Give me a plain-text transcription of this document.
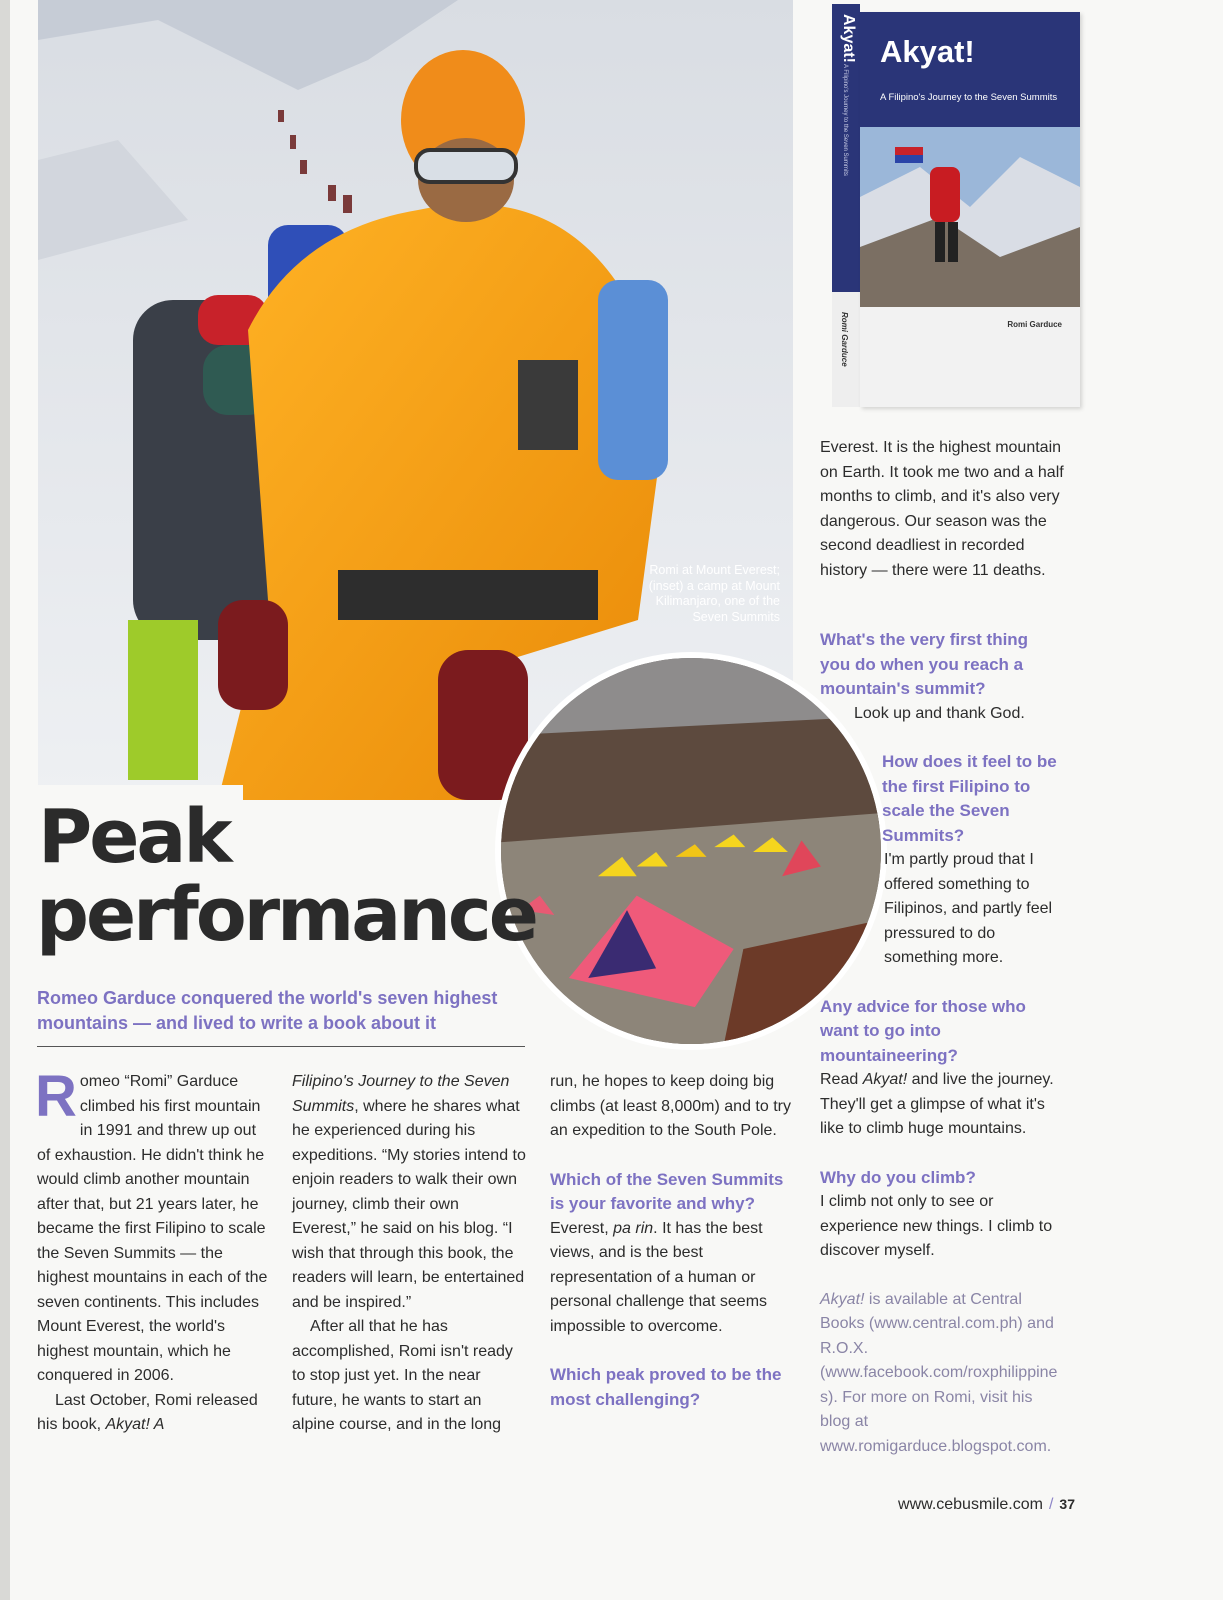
Romi at Mount Everest; (inset) a camp at Mount Kilimanjaro, one of the Seven Summits
Akyat!
A Filipino's Journey to the Seven Summits
Romi Garduce
Akyat!
A Filipino's Journey to the Seven Summits
Romi Garduce
Peak
performance
Romeo Garduce conquered the world's seven highest mountains — and lived to write a book about it

Romeo “Romi” Garduce climbed his first mountain in 1991 and threw up out of exhaustion. He didn't think he would climb another mountain after that, but 21 years later, he became the first Filipino to scale the Seven Summits — the highest mountains in each of the seven continents. This includes Mount Everest, the world's highest mountain, which he conquered in 2006.

Last October, Romi released his book, Akyat! A

Filipino's Journey to the Seven Summits, where he shares what he experienced during his expeditions. “My stories intend to enjoin readers to walk their own journey, climb their own Everest,” he said on his blog. “I wish that through this book, the readers will learn, be entertained and be inspired.”

After all that he has accomplished, Romi isn't ready to stop just yet. In the near future, he wants to start an alpine course, and in the long

run, he hopes to keep doing big climbs (at least 8,000m) and to try an expedition to the South Pole.

Which of the Seven Summits is your favorite and why?

Everest, pa rin. It has the best views, and is the best representation of a human or personal challenge that seems impossible to overcome.

Which peak proved to be the most challenging?

Everest. It is the highest mountain on Earth. It took me two and a half months to climb, and it's also very dangerous. Our season was the second deadliest in recorded history — there were 11 deaths.

What's the very first thing you do when you reach a mountain's summit?

Look up and thank God.

How does it feel to be the first Filipino to scale the Seven Summits?

I'm partly proud that I offered something to Filipinos, and partly feel pressured to do something more.

Any advice for those who want to go into mountaineering?

Read Akyat! and live the journey. They'll get a glimpse of what it's like to climb huge mountains.

Why do you climb?

I climb not only to see or experience new things. I climb to discover myself.

Akyat! is available at Central Books (www.central.com.ph) and R.O.X. (www.facebook.com/roxphilippines). For more on Romi, visit his blog at www.romigarduce.blogspot.com.

www.cebusmile.com / 37
